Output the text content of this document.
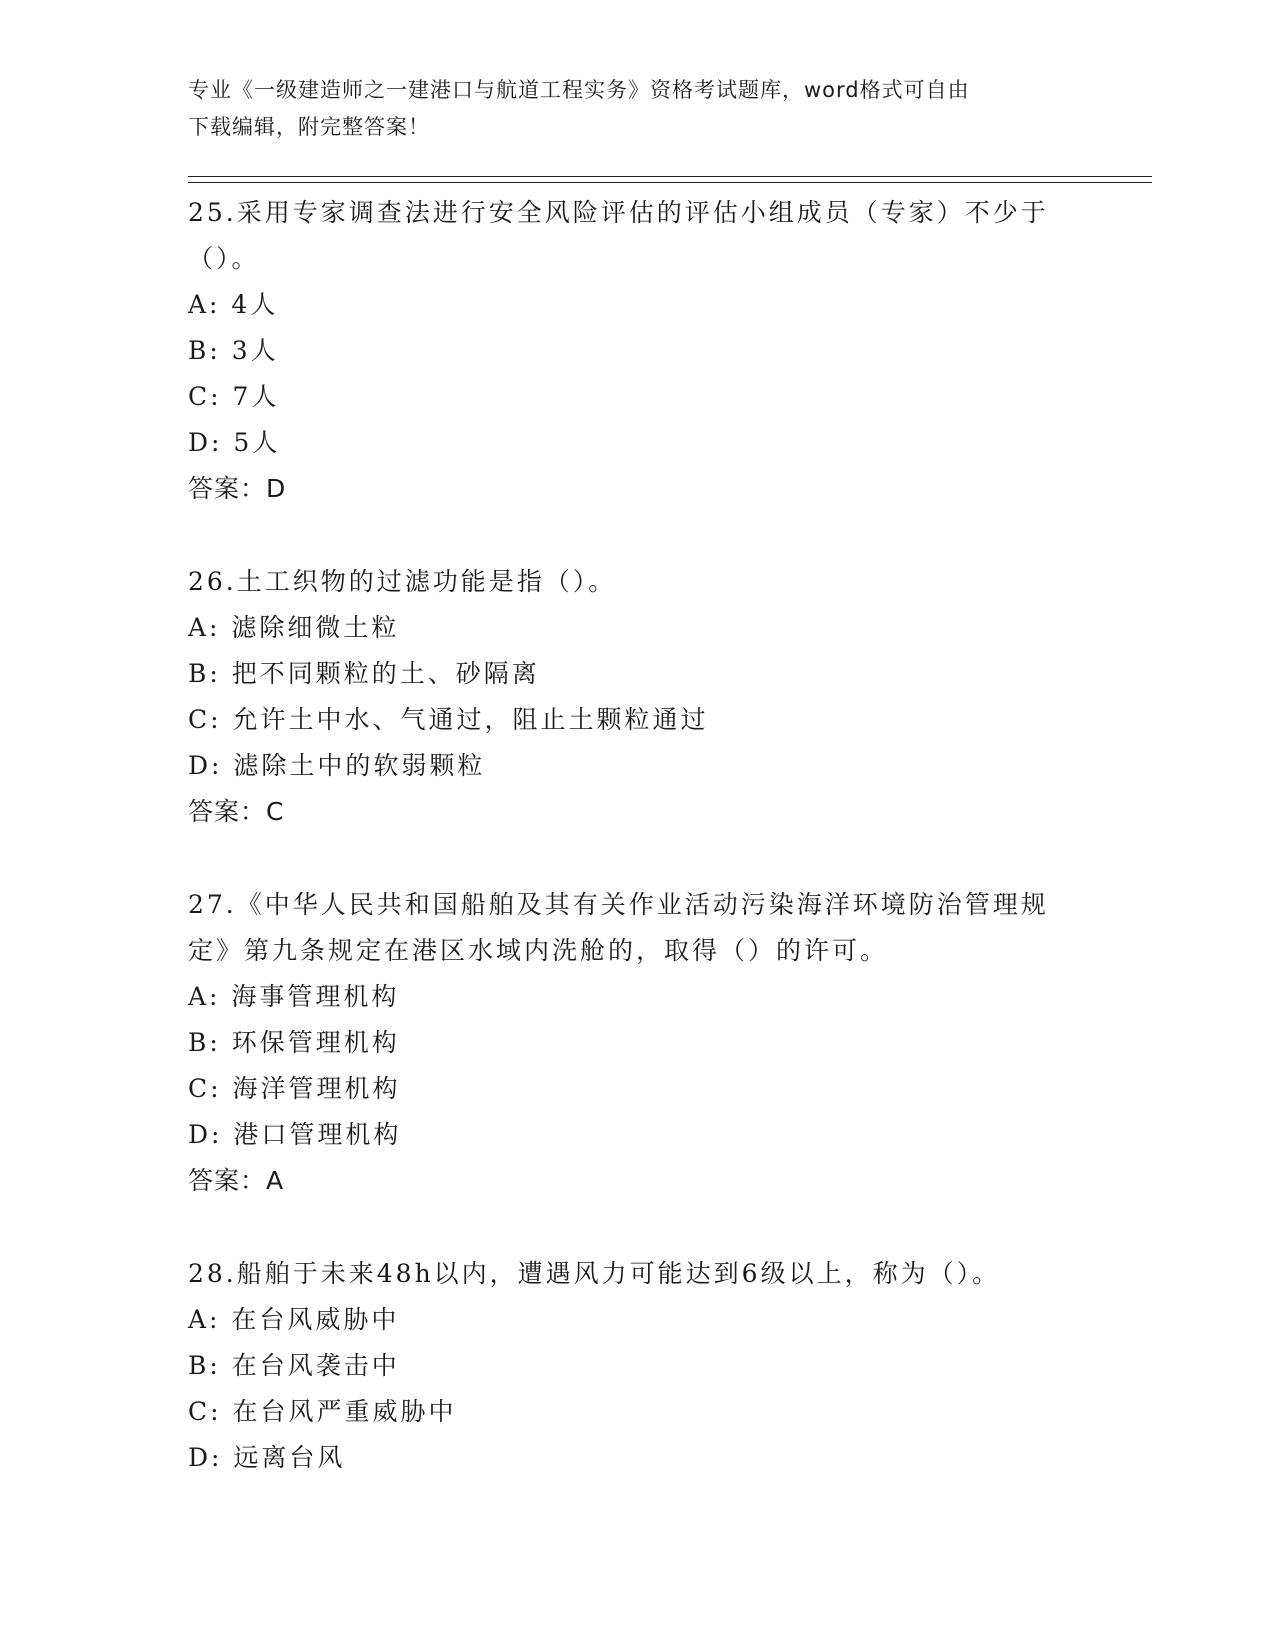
专业《一级建造师之一建港口与航道工程实务》资格考试题库，word格式可自由
下载编辑，附完整答案！
25.采用专家调查法进行安全风险评估的评估小组成员（专家）不少于
（）。
A: 4人
B: 3人
C: 7人
D: 5人
答案：D
26.土工织物的过滤功能是指（）。
A: 滤除细微土粒
B: 把不同颗粒的土、砂隔离
C: 允许土中水、气通过，阻止土颗粒通过
D: 滤除土中的软弱颗粒
答案：C
27.《中华人民共和国船舶及其有关作业活动污染海洋环境防治管理规
定》第九条规定在港区水域内洗舱的，取得（）的许可。
A: 海事管理机构
B: 环保管理机构
C: 海洋管理机构
D: 港口管理机构
答案：A
28.船舶于未来48h以内，遭遇风力可能达到6级以上，称为（）。
A: 在台风威胁中
B: 在台风袭击中
C: 在台风严重威胁中
D: 远离台风
